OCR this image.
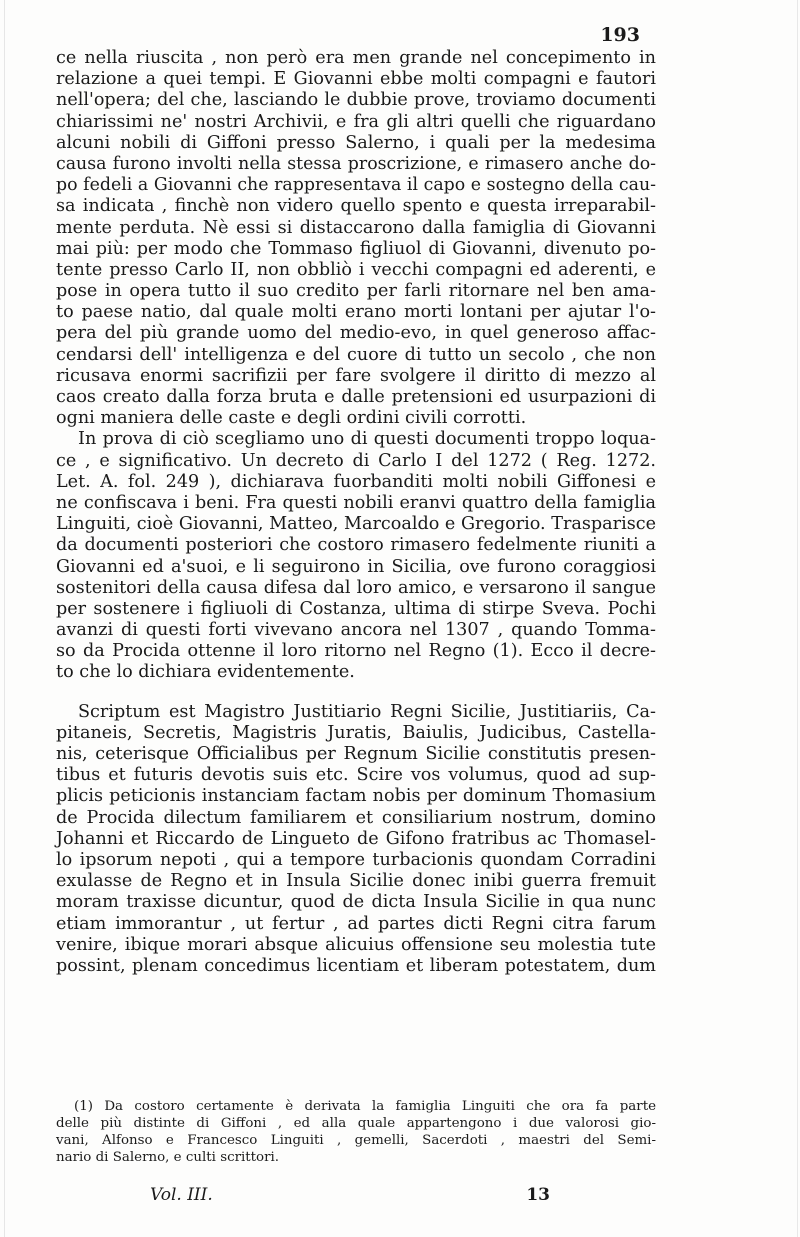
193
ce nella riuscita , non però era men grande nel concepimento in
relazione a quei tempi. E Giovanni ebbe molti compagni e fautori
nell'opera; del che, lasciando le dubbie prove, troviamo documenti
chiarissimi ne' nostri Archivii, e fra gli altri quelli che riguardano
alcuni nobili di Giffoni presso Salerno, i quali per la medesima
causa furono involti nella stessa proscrizione, e rimasero anche do-
po fedeli a Giovanni che rappresentava il capo e sostegno della cau-
sa indicata , finchè non videro quello spento e questa irreparabil-
mente perduta. Nè essi si distaccarono dalla famiglia di Giovanni
mai più: per modo che Tommaso figliuol di Giovanni, divenuto po-
tente presso Carlo II, non obbliò i vecchi compagni ed aderenti, e
pose in opera tutto il suo credito per farli ritornare nel ben ama-
to paese natio, dal quale molti erano morti lontani per ajutar l'o-
pera del più grande uomo del medio-evo, in quel generoso affac-
cendarsi dell' intelligenza e del cuore di tutto un secolo , che non
ricusava enormi sacrifizii per fare svolgere il diritto di mezzo al
caos creato dalla forza bruta e dalle pretensioni ed usurpazioni di
ogni maniera delle caste e degli ordini civili corrotti.
In prova di ciò scegliamo uno di questi documenti troppo loqua-
ce , e significativo. Un decreto di Carlo I del 1272 ( Reg. 1272.
Let. A. fol. 249 ), dichiarava fuorbanditi molti nobili Giffonesi e
ne confiscava i beni. Fra questi nobili eranvi quattro della famiglia
Linguiti, cioè Giovanni, Matteo, Marcoaldo e Gregorio. Trasparisce
da documenti posteriori che costoro rimasero fedelmente riuniti a
Giovanni ed a'suoi, e li seguirono in Sicilia, ove furono coraggiosi
sostenitori della causa difesa dal loro amico, e versarono il sangue
per sostenere i figliuoli di Costanza, ultima di stirpe Sveva. Pochi
avanzi di questi forti vivevano ancora nel 1307 , quando Tomma-
so da Procida ottenne il loro ritorno nel Regno (1). Ecco il decre-
to che lo dichiara evidentemente.
Scriptum est Magistro Justitiario Regni Sicilie, Justitiariis, Ca-
pitaneis, Secretis, Magistris Juratis, Baiulis, Judicibus, Castella-
nis, ceterisque Officialibus per Regnum Sicilie constitutis presen-
tibus et futuris devotis suis etc. Scire vos volumus, quod ad sup-
plicis peticionis instanciam factam nobis per dominum Thomasium
de Procida dilectum familiarem et consiliarium nostrum, domino
Johanni et Riccardo de Lingueto de Gifono fratribus ac Thomasel-
lo ipsorum nepoti , qui a tempore turbacionis quondam Corradini
exulasse de Regno et in Insula Sicilie donec inibi guerra fremuit
moram traxisse dicuntur, quod de dicta Insula Sicilie in qua nunc
etiam immorantur , ut fertur , ad partes dicti Regni citra farum
venire, ibique morari absque alicuius offensione seu molestia tute
possint, plenam concedimus licentiam et liberam potestatem, dum
(1) Da costoro certamente è derivata la famiglia Linguiti che ora fa parte
delle più distinte di Giffoni , ed alla quale appartengono i due valorosi gio-
vani, Alfonso e Francesco Linguiti , gemelli, Sacerdoti , maestri del Semi-
nario di Salerno, e culti scrittori.
Vol. III.	13
